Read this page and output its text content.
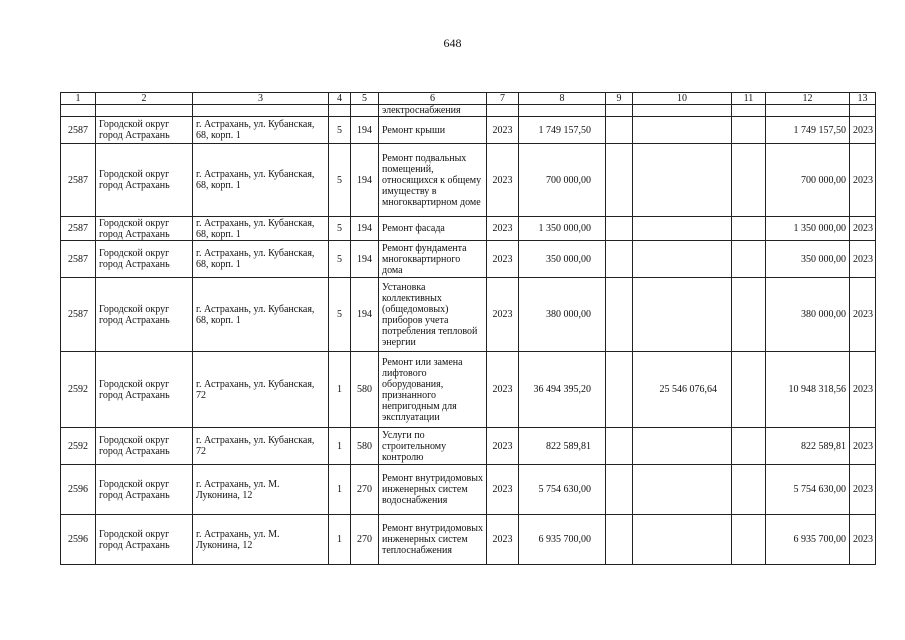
648
1	2	3	4	5	6	7	8	9	10	11	12	13
					электроснабжения							
2587	Городской округ город Астрахань	г. Астрахань, ул. Кубанская, 68, корп. 1	5	194	Ремонт крыши	2023	1 749 157,50				1 749 157,50	2023
2587	Городской округ город Астрахань	г. Астрахань, ул. Кубанская, 68, корп. 1	5	194	Ремонт подвальных помещений, относящихся к общему имуществу в многоквартирном доме	2023	700 000,00				700 000,00	2023
2587	Городской округ город Астрахань	г. Астрахань, ул. Кубанская, 68, корп. 1	5	194	Ремонт фасада	2023	1 350 000,00				1 350 000,00	2023
2587	Городской округ город Астрахань	г. Астрахань, ул. Кубанская, 68, корп. 1	5	194	Ремонт фундамента многоквартирного дома	2023	350 000,00				350 000,00	2023
2587	Городской округ город Астрахань	г. Астрахань, ул. Кубанская, 68, корп. 1	5	194	Установка коллективных (общедомовых) приборов учета потребления тепловой энергии	2023	380 000,00				380 000,00	2023
2592	Городской округ город Астрахань	г. Астрахань, ул. Кубанская, 72	1	580	Ремонт или замена лифтового оборудования, признанного непригодным для эксплуатации	2023	36 494 395,20		25 546 076,64		10 948 318,56	2023
2592	Городской округ город Астрахань	г. Астрахань, ул. Кубанская, 72	1	580	Услуги по строительному контролю	2023	822 589,81				822 589,81	2023
2596	Городской округ город Астрахань	г. Астрахань, ул. М. Луконина, 12	1	270	Ремонт внутридомовых инженерных систем водоснабжения	2023	5 754 630,00				5 754 630,00	2023
2596	Городской округ город Астрахань	г. Астрахань, ул. М. Луконина, 12	1	270	Ремонт внутридомовых инженерных систем теплоснабжения	2023	6 935 700,00				6 935 700,00	2023
